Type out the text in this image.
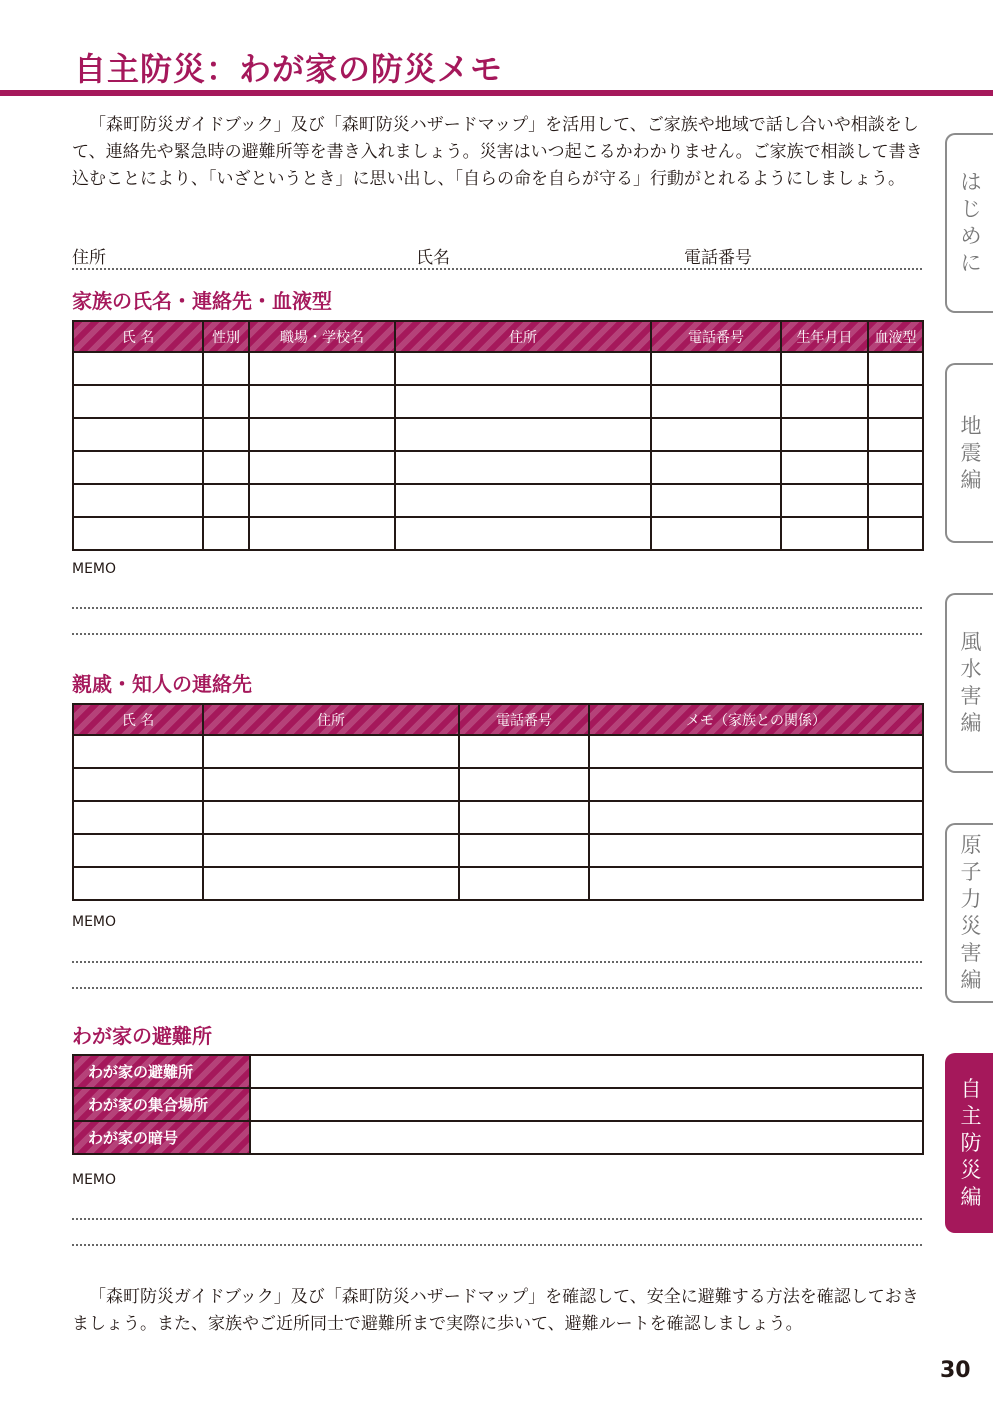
自主防災：わが家の防災メモ

「森町防災ガイドブック」及び「森町防災ハザードマップ」を活用して、ご家族や地域で話し合いや相談をして、連絡先や緊急時の避難所等を書き入れましょう。災害はいつ起こるかわかりません。ご家族で相談して書き込むことにより、「いざというとき」に思い出し、「自らの命を自らが守る」行動がとれるようにしましょう。

住所	氏名	電話番号
家族の氏名・連絡先・血液型
氏 名	性別	職場・学校名	住所	電話番号	生年月日	血液型

MEMO
親戚・知人の連絡先
氏 名	住所	電話番号	メモ（家族との関係）

MEMO
わが家の避難所
わが家の避難所	
わが家の集合場所	
わが家の暗号	
MEMO

「森町防災ガイドブック」及び「森町防災ハザードマップ」を確認して、安全に避難する方法を確認しておきましょう。また、家族やご近所同士で避難所まで実際に歩いて、避難ルートを確認しましょう。

30
は
じ
め
に
地
震
編
風
水
害
編
原
子
力
災
害
編
自
主
防
災
編
